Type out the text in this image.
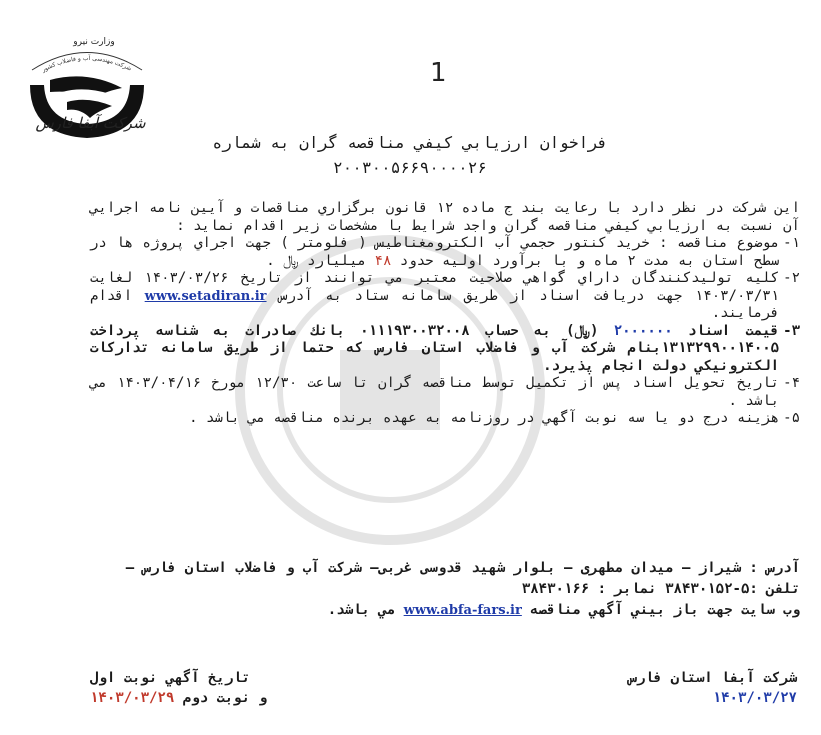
وزارت نیرو
شرکت مهندسی آب و فاضلاب کشور
شرکت آبفا فارس
1
فراخوان ارزيابي كيفي مناقصه گران به شماره
۲۰۰۳۰۰۵۶۶۹۰۰۰۰۲۶

اين شركت در نظر دارد با رعايت بند ج ماده ۱۲ قانون برگزاري مناقصات و آيين نامه اجرايي آن نسبت به ارزيابي كيفي مناقصه گران واجد شرايط با مشخصات زير اقدام نمايد :

۱-
موضوع مناقصه : خريد كنتور حجمي آب الكترومغناطيس ( فلومتر ) جهت اجراي پروژه ها در سطح استان به مدت ۲ ماه و با برآورد اوليه حدود ۴۸ ميليارد ﷼ .
۲-
كليه توليدكنندگان داراي گواهي صلاحيت معتبر مي توانند از تاريخ ۱۴۰۳/۰۳/۲۶ لغايت ۱۴۰۳/۰۳/۳۱ جهت دريافت اسناد از طريق سامانه ستاد به آدرس www.setadiran.ir اقدام فرمايند.
۳-
قيمت اسناد ۲۰۰۰۰۰۰ (﷼) به حساب ۰۱۱۱۹۳۰۰۳۲۰۰۸ بانك صادرات به شناسه پرداخت ۱۳۱۳۲۹۹۰۰۱۴۰۰۵بنام شركت آب و فاضلاب استان فارس كه حتما از طريق سامانه تداركات الكترونيكي دولت انجام پذيرد.
۴-
تاريخ تحويل اسناد پس از تكميل توسط مناقصه گران تا ساعت ۱۲/۳۰ مورخ ۱۴۰۳/۰۴/۱۶ مي باشد .
۵-
هزينه درج دو يا سه نوبت آگهي در روزنامه به عهده برنده مناقصه مي باشد .

آدرس : شيراز – ميدان مطهری – بلوار شهيد قدوسی غربی– شركت آب و فاضلاب استان فارس –

تلفن :۵-۳۸۴۳۰۱۵۲ نمابر : ۳۸۴۳۰۱۶۶

وب سايت جهت باز بيني آگهي مناقصه www.abfa-fars.ir مي باشد.

شركت آبفا استان فارس
۱۴۰۳/۰۳/۲۷
تاريخ آگهي نوبت اول
و نوبت دوم ۱۴۰۳/۰۳/۲۹
